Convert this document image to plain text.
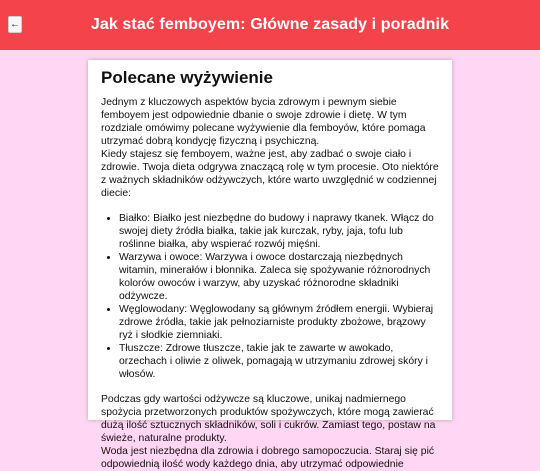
←	Jak stać femboyem: Główne zasady i poradnik
Polecane wyżywienie

Jednym z kluczowych aspektów bycia zdrowym i pewnym siebie femboyem jest odpowiednie dbanie o swoje zdrowie i dietę. W tym rozdziale omówimy polecane wyżywienie dla femboyów, które pomaga utrzymać dobrą kondycję fizyczną i psychiczną.

Kiedy stajesz się femboyem, ważne jest, aby zadbać o swoje ciało i zdrowie. Twoja dieta odgrywa znaczącą rolę w tym procesie. Oto niektóre z ważnych składników odżywczych, które warto uwzględnić w codziennej diecie:

• Białko: Białko jest niezbędne do budowy i naprawy tkanek. Włącz do swojej diety źródła białka, takie jak kurczak, ryby, jaja, tofu lub roślinne białka, aby wspierać rozwój mięśni.
• Warzywa i owoce: Warzywa i owoce dostarczają niezbędnych witamin, minerałów i błonnika. Zaleca się spożywanie różnorodnych kolorów owoców i warzyw, aby uzyskać różnorodne składniki odżywcze.
• Węglowodany: Węglowodany są głównym źródłem energii. Wybieraj zdrowe źródła, takie jak pełnoziarniste produkty zbożowe, brązowy ryż i słodkie ziemniaki.
• Tłuszcze: Zdrowe tłuszcze, takie jak te zawarte w awokado, orzechach i oliwie z oliwek, pomagają w utrzymaniu zdrowej skóry i włosów.

Podczas gdy wartości odżywcze są kluczowe, unikaj nadmiernego spożycia przetworzonych produktów spożywczych, które mogą zawierać dużą ilość sztucznych składników, soli i cukrów. Zamiast tego, postaw na świeże, naturalne produkty.

Woda jest niezbędna dla zdrowia i dobrego samopoczucia. Staraj się pić odpowiednią ilość wody każdego dnia, aby utrzymać odpowiednie
